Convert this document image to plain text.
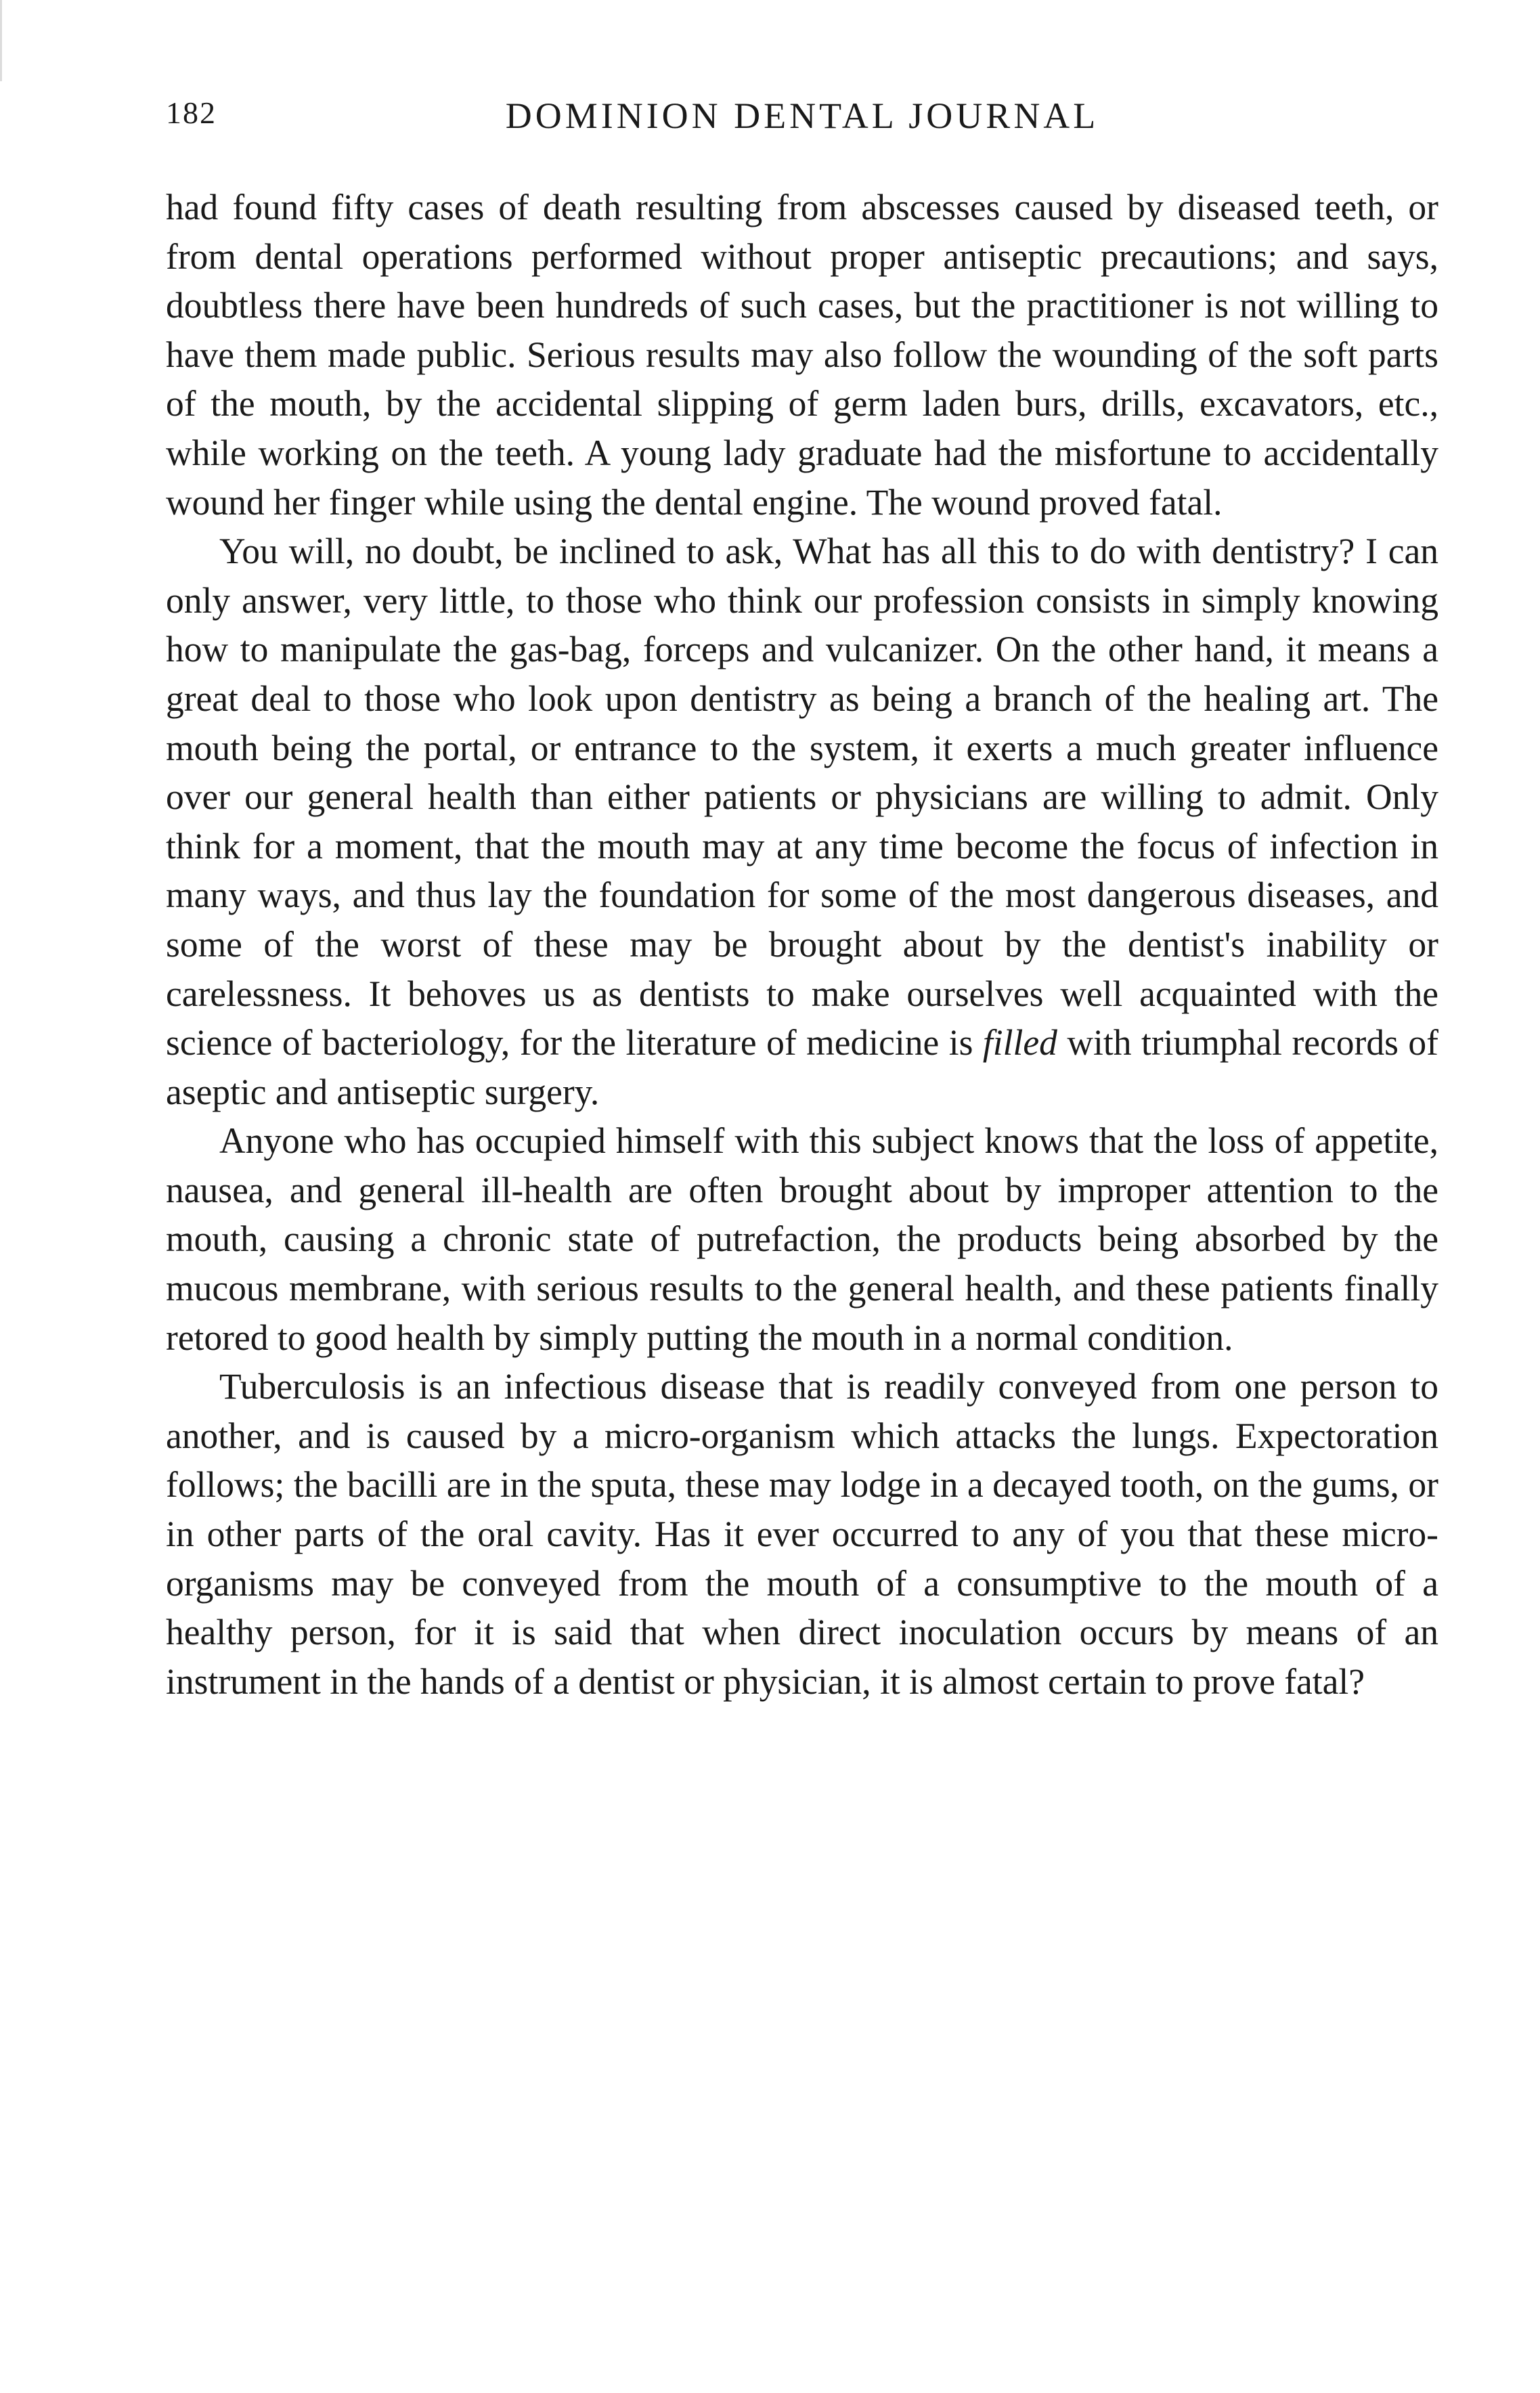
182	DOMINION DENTAL JOURNAL

had found fifty cases of death resulting from abscesses caused by diseased teeth, or from dental operations performed without proper antiseptic precautions; and says, doubtless there have been hundreds of such cases, but the practitioner is not willing to have them made public. Serious results may also follow the wounding of the soft parts of the mouth, by the accidental slipping of germ laden burs, drills, excavators, etc., while working on the teeth. A young lady graduate had the misfortune to accidentally wound her finger while using the dental engine. The wound proved fatal.

You will, no doubt, be inclined to ask, What has all this to do with dentistry? I can only answer, very little, to those who think our profession consists in simply knowing how to manipulate the gas-bag, forceps and vulcanizer. On the other hand, it means a great deal to those who look upon dentistry as being a branch of the healing art. The mouth being the portal, or entrance to the system, it exerts a much greater influence over our general health than either patients or physicians are willing to admit. Only think for a moment, that the mouth may at any time become the focus of infection in many ways, and thus lay the foundation for some of the most dangerous diseases, and some of the worst of these may be brought about by the dentist's inability or carelessness. It behoves us as dentists to make ourselves well acquainted with the science of bacteriology, for the literature of medicine is filled with triumphal records of aseptic and antiseptic surgery.

Anyone who has occupied himself with this subject knows that the loss of appetite, nausea, and general ill-health are often brought about by improper attention to the mouth, causing a chronic state of putrefaction, the products being absorbed by the mucous membrane, with serious results to the general health, and these patients finally retored to good health by simply putting the mouth in a normal condition.

Tuberculosis is an infectious disease that is readily conveyed from one person to another, and is caused by a micro-organism which attacks the lungs. Expectoration follows; the bacilli are in the sputa, these may lodge in a decayed tooth, on the gums, or in other parts of the oral cavity. Has it ever occurred to any of you that these micro-organisms may be conveyed from the mouth of a consumptive to the mouth of a healthy person, for it is said that when direct inoculation occurs by means of an instrument in the hands of a dentist or physician, it is almost certain to prove fatal?
